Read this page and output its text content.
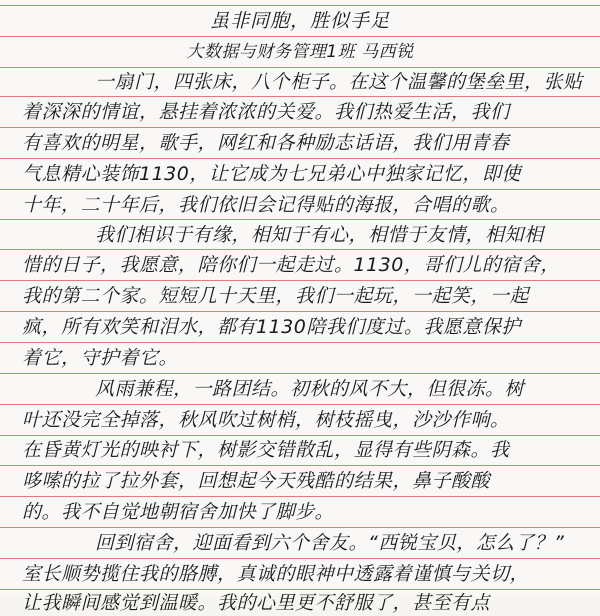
虽非同胞，胜似手足
大数据与财务管理1班 马西锐
一扇门，四张床，八个柜子。在这个温馨的堡垒里，张贴
着深深的情谊，悬挂着浓浓的关爱。我们热爱生活，我们
有喜欢的明星，歌手，网红和各种励志话语，我们用青春
气息精心装饰1130，让它成为七兄弟心中独家记忆，即使
十年，二十年后，我们依旧会记得贴的海报，合唱的歌。
我们相识于有缘，相知于有心，相惜于友情，相知相
惜的日子，我愿意，陪你们一起走过。1130，哥们儿的宿舍，
我的第二个家。短短几十天里，我们一起玩，一起笑，一起
疯，所有欢笑和泪水，都有1130陪我们度过。我愿意保护
着它，守护着它。
风雨兼程，一路团结。初秋的风不大，但很冻。树
叶还没完全掉落，秋风吹过树梢，树枝摇曳，沙沙作响。
在昏黄灯光的映衬下，树影交错散乱，显得有些阴森。我
哆嗦的拉了拉外套，回想起今天残酷的结果，鼻子酸酸
的。我不自觉地朝宿舍加快了脚步。
回到宿舍，迎面看到六个舍友。“西锐宝贝，怎么了？”
室长顺势揽住我的胳膊，真诚的眼神中透露着谨慎与关切，
让我瞬间感觉到温暖。我的心里更不舒服了，甚至有点
